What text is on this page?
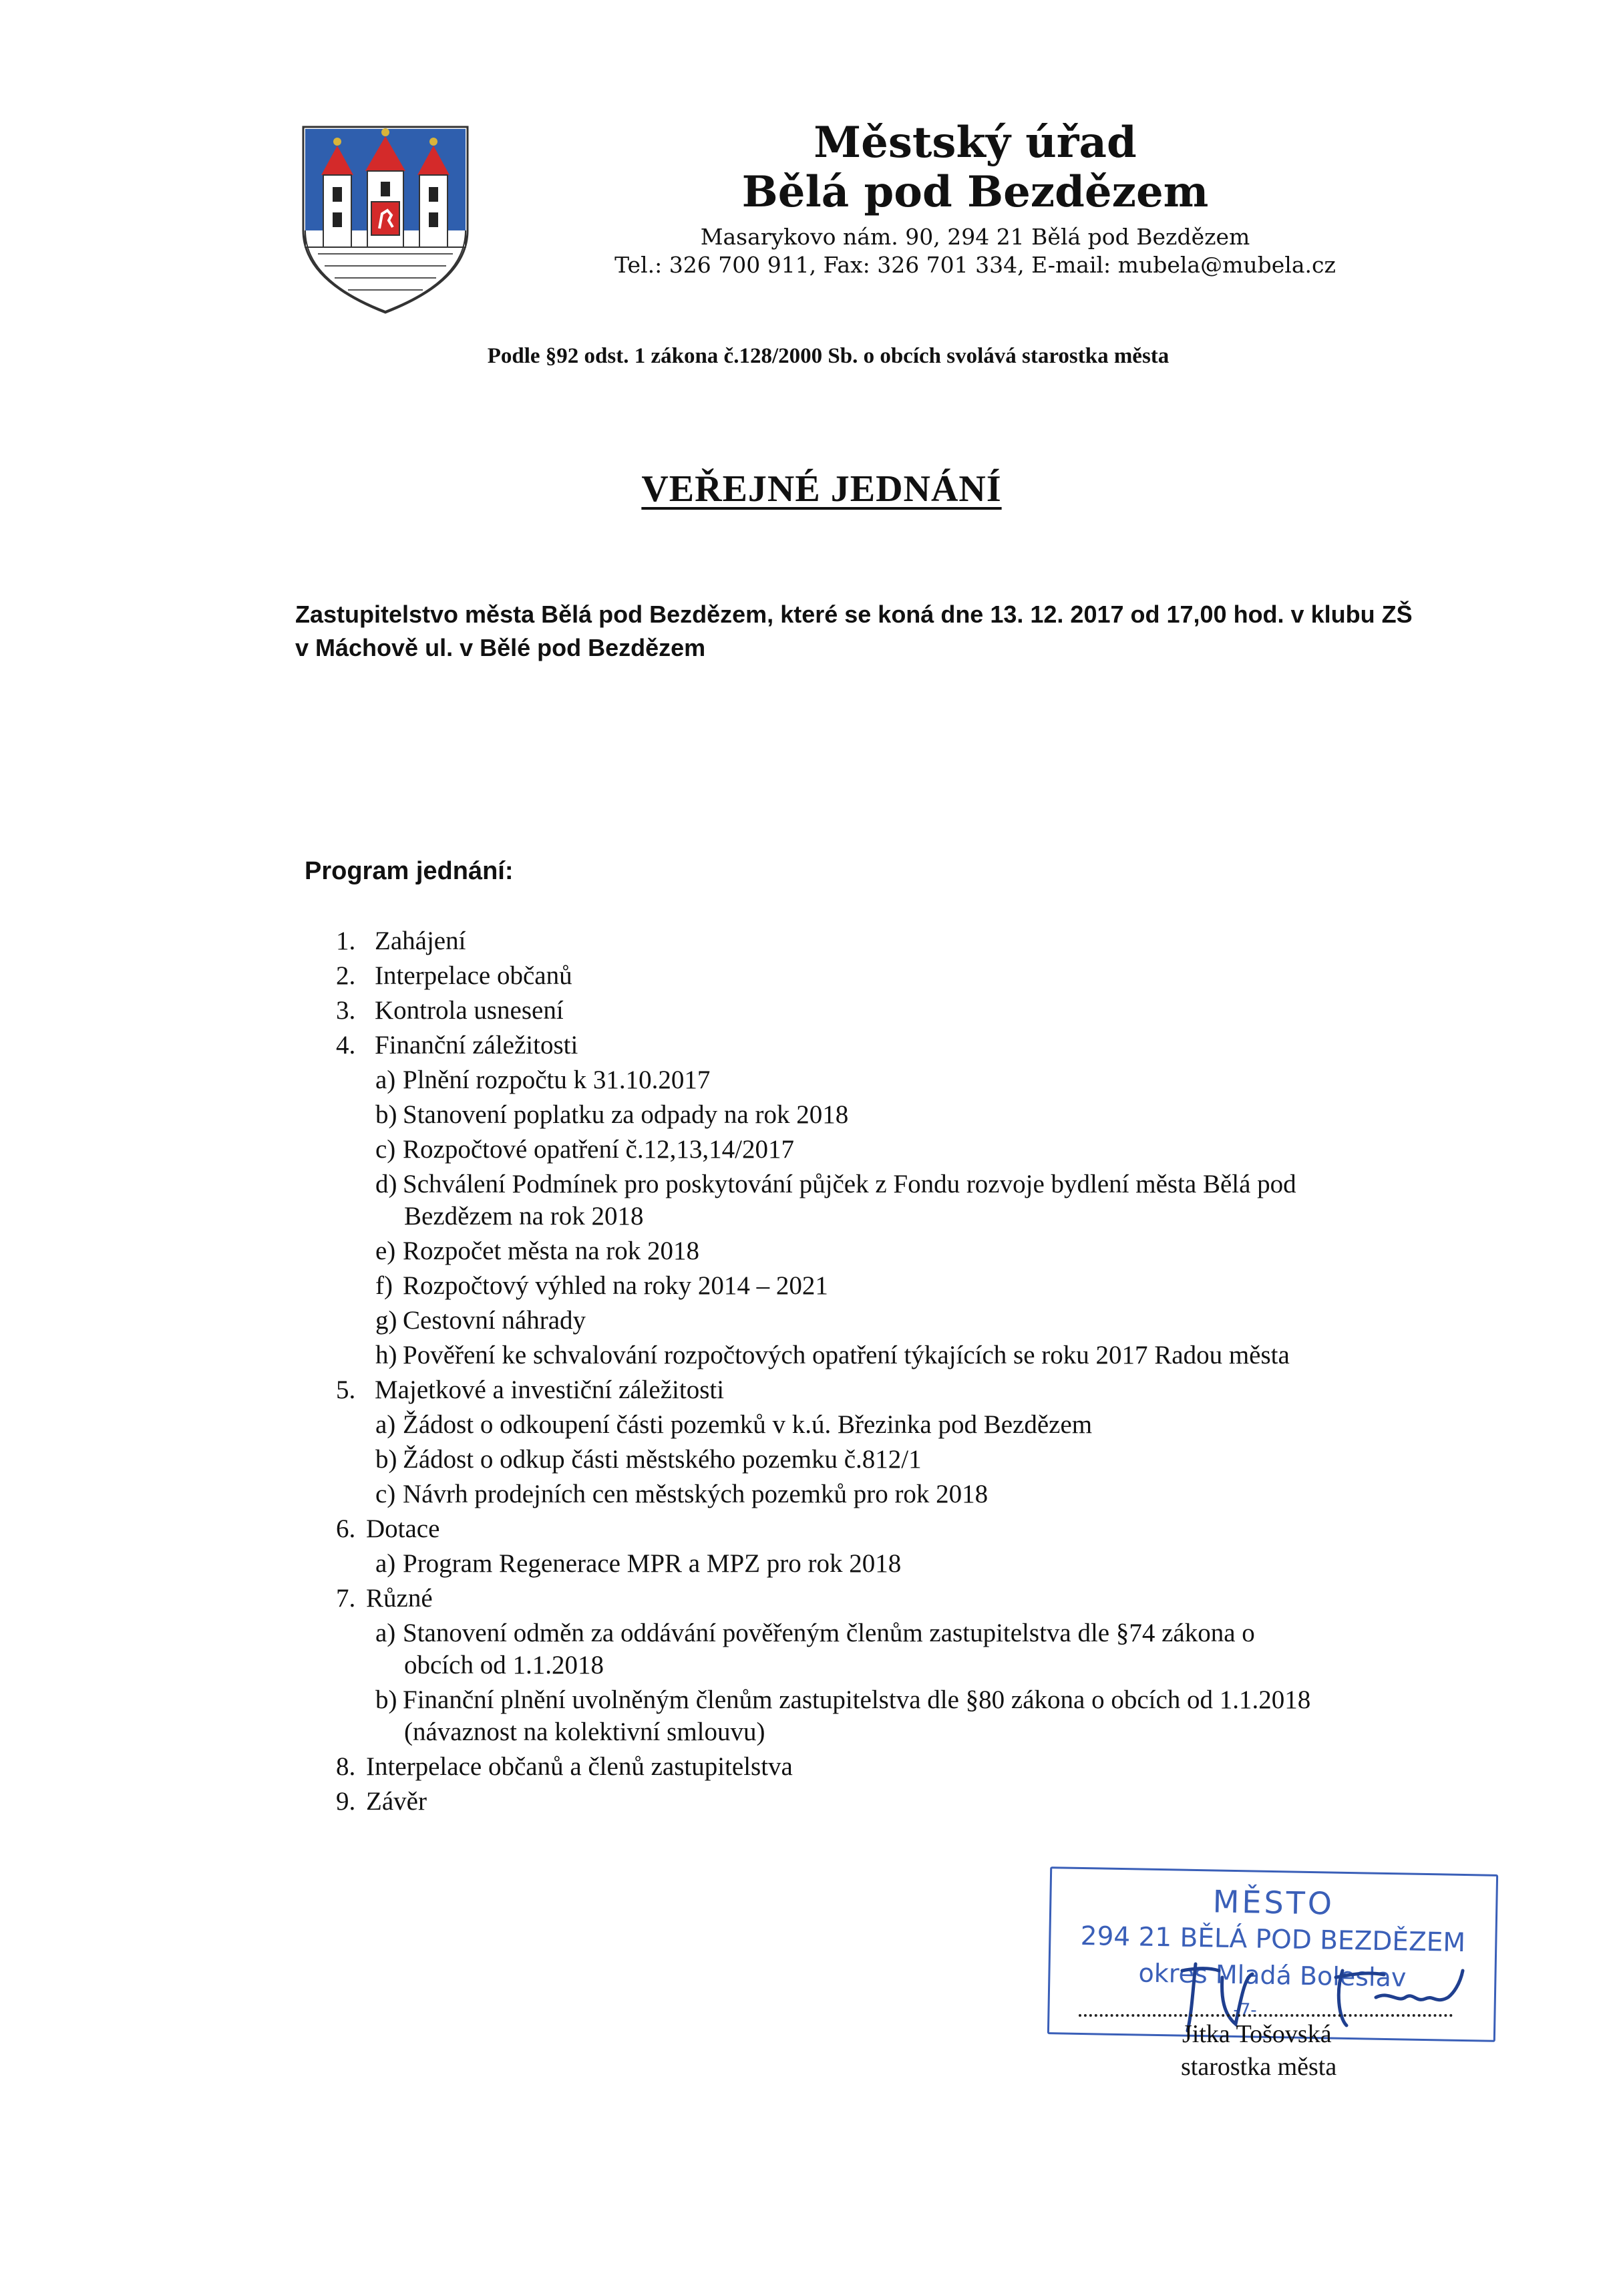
Městský úřad
Bělá pod Bezdězem
Masarykovo nám. 90, 294 21 Bělá pod Bezdězem
Tel.: 326 700 911, Fax: 326 701 334, E-mail: mubela@mubela.cz
Podle §92 odst. 1 zákona č.128/2000 Sb. o obcích svolává starostka města
VEŘEJNÉ JEDNÁNÍ
Zastupitelstvo města Bělá pod Bezdězem, které se koná dne 13. 12. 2017 od 17,00 hod. v klubu ZŠ
v Máchově ul. v Bělé pod Bezdězem
Program jednání:
1. Zahájení
2. Interpelace občanů
3. Kontrola usnesení
4. Finanční záležitosti
a) Plnění rozpočtu k 31.10.2017
b) Stanovení poplatku za odpady na rok 2018
c) Rozpočtové opatření č.12,13,14/2017
d) Schválení Podmínek pro poskytování půjček z Fondu rozvoje bydlení města Bělá pod
Bezdězem na rok 2018
e) Rozpočet města na rok 2018
f) Rozpočtový výhled na roky 2014 – 2021
g) Cestovní náhrady
h) Pověření ke schvalování rozpočtových opatření týkajících se roku 2017 Radou města
5. Majetkové a investiční záležitosti
a) Žádost o odkoupení části pozemků v k.ú. Březinka pod Bezdězem
b) Žádost o odkup části městského pozemku č.812/1
c) Návrh prodejních cen městských pozemků pro rok 2018
6. Dotace
a) Program Regenerace MPR a MPZ pro rok 2018
7. Různé
a) Stanovení odměn za oddávání pověřeným členům zastupitelstva dle §74 zákona o
obcích od 1.1.2018
b) Finanční plnění uvolněným členům zastupitelstva dle §80 zákona o obcích od 1.1.2018
(návaznost na kolektivní smlouvu)
8. Interpelace občanů a členů zastupitelstva
9. Závěr
MĚSTO
294 21 BĚLÁ POD BEZDĚZEM
okres Mladá Boleslav
-7-
Jitka Tošovská
starostka města
